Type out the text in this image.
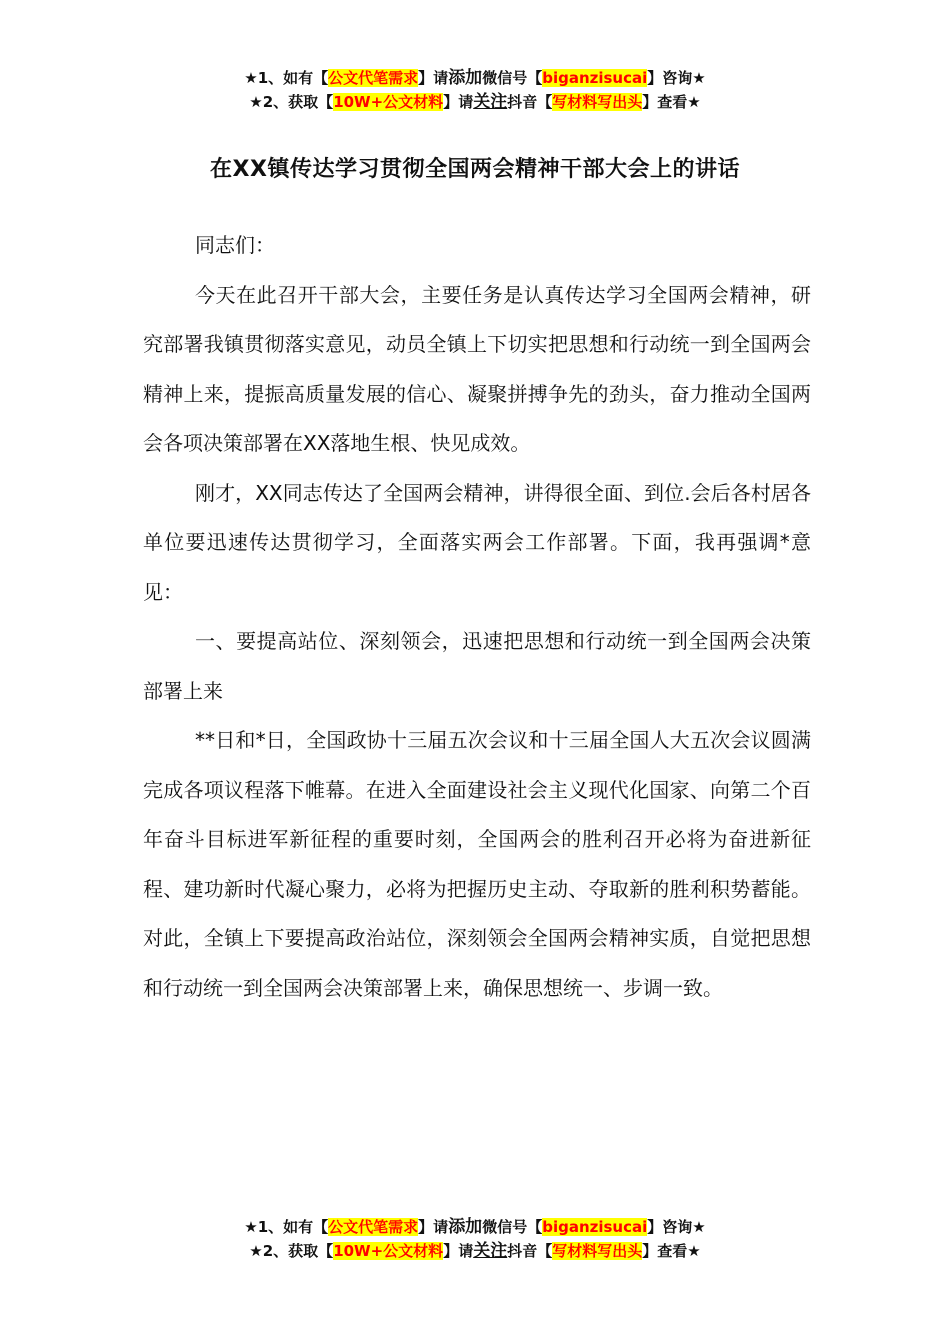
★1、如有【公文代笔需求】请添加微信号【biganzisucai】咨询★
★2、获取【10W+公文材料】请关注抖音【写材料写出头】查看★
在XX镇传达学习贯彻全国两会精神干部大会上的讲话

同志们：

今天在此召开干部大会，主要任务是认真传达学习全国两会精神，研究部署我镇贯彻落实意见，动员全镇上下切实把思想和行动统一到全国两会精神上来，提振高质量发展的信心、凝聚拼搏争先的劲头，奋力推动全国两会各项决策部署在XX落地生根、快见成效。

刚才，XX同志传达了全国两会精神，讲得很全面、到位.会后各村居各单位要迅速传达贯彻学习，全面落实两会工作部署。下面，我再强调*意见：

一、要提高站位、深刻领会，迅速把思想和行动统一到全国两会决策部署上来

**日和*日，全国政协十三届五次会议和十三届全国人大五次会议圆满完成各项议程落下帷幕。在进入全面建设社会主义现代化国家、向第二个百年奋斗目标进军新征程的重要时刻，全国两会的胜利召开必将为奋进新征程、建功新时代凝心聚力，必将为把握历史主动、夺取新的胜利积势蓄能。对此，全镇上下要提高政治站位，深刻领会全国两会精神实质，自觉把思想和行动统一到全国两会决策部署上来，确保思想统一、步调一致。

★1、如有【公文代笔需求】请添加微信号【biganzisucai】咨询★
★2、获取【10W+公文材料】请关注抖音【写材料写出头】查看★
